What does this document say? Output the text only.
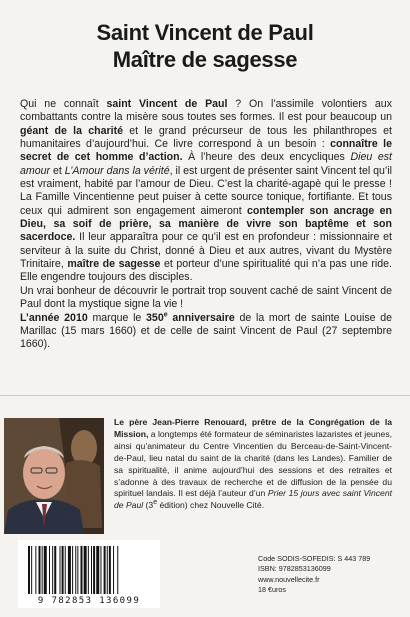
Saint Vincent de Paul
Maître de sagesse

Qui ne connaît saint Vincent de Paul ? On l’assimile volontiers aux combattants contre la misère sous toutes ses formes. Il est pour beaucoup un géant de la charité et le grand précurseur de tous les philanthropes et humanitaires d’aujourd’hui. Ce livre correspond à un besoin : connaître le secret de cet homme d’action. À l’heure des deux encycliques Dieu est amour et L’Amour dans la vérité, il est urgent de présenter saint Vincent tel qu’il est vraiment, habité par l’amour de Dieu. C’est la charité-agapè qui le presse ! La Famille Vincentienne peut puiser à cette source tonique, fortifiante. Et tous ceux qui admirent son engagement aimeront contempler son ancrage en Dieu, sa soif de prière, sa manière de vivre son baptême et son sacerdoce. Il leur apparaîtra pour ce qu’il est en profondeur : missionnaire et serviteur à la suite du Christ, donné à Dieu et aux autres, vivant du Mystère Trinitaire, maître de sagesse et porteur d’une spiritualité qui n’a pas une ride. Elle engendre toujours des disciples.

Un vrai bonheur de découvrir le portrait trop souvent caché de saint Vincent de Paul dont la mystique signe la vie !

L’année 2010 marque le 350e anniversaire de la mort de sainte Louise de Marillac (15 mars 1660) et de celle de saint Vincent de Paul (27 septembre 1660).

Le père Jean-Pierre Renouard, prêtre de la Congrégation de la Mission, a longtemps été formateur de séminaristes lazaristes et jeunes, ainsi qu’animateur du Centre Vincentien du Berceau-de-Saint-Vincent-de-Paul, lieu natal du saint de la charité (dans les Landes). Familier de sa spiritualité, il anime aujourd’hui des sessions et des retraites et s’adonne à des travaux de recherche et de diffusion de la pensée du spirituel landais. Il est déjà l’auteur d’un Prier 15 jours avec saint Vincent de Paul (3e édition) chez Nouvelle Cité.
9 782853 136099
Code SODIS-SOFEDIS: S 443 789
ISBN: 9782853136099
www.nouvellecite.fr
18 €uros
